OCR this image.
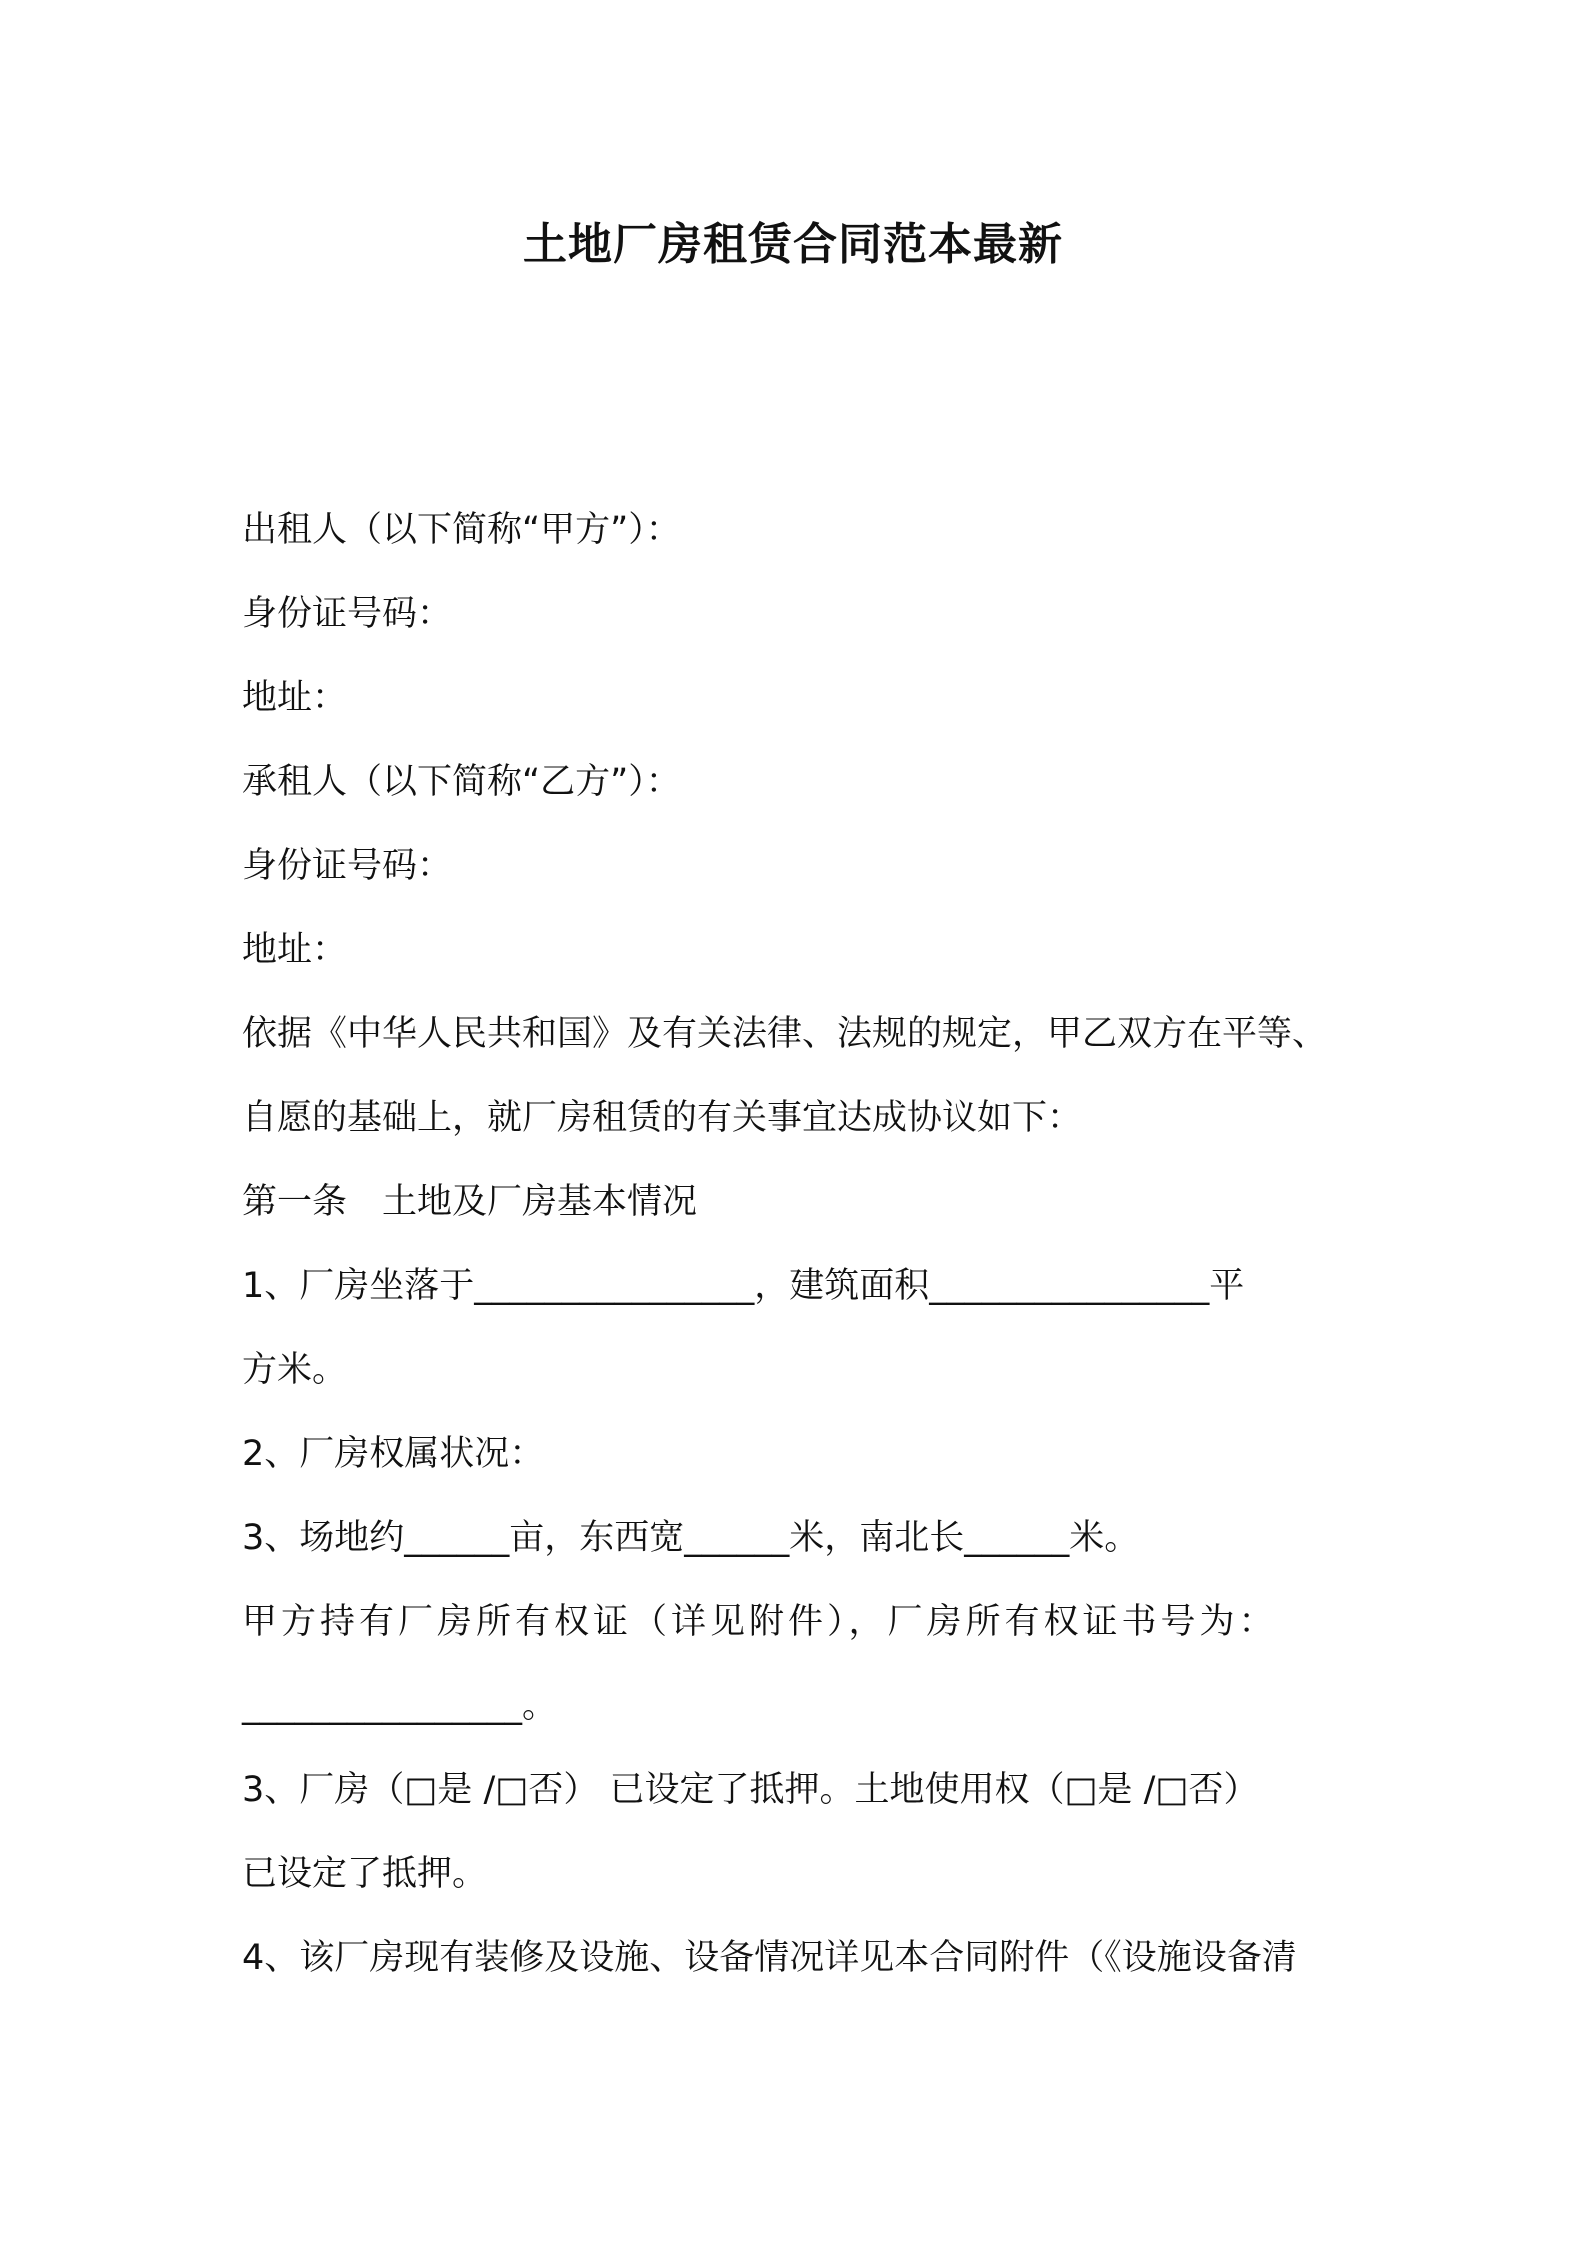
土地厂房租赁合同范本最新

出租人（以下简称“甲方”）：

身份证号码：

地址：

承租人（以下简称“乙方”）：

身份证号码：

地址：

依据《中华人民共和国》及有关法律、法规的规定，甲乙双方在平等、

自愿的基础上，就厂房租赁的有关事宜达成协议如下：

第一条　土地及厂房基本情况

1、厂房坐落于________________，建筑面积________________平

方米。

2、厂房权属状况：

3、场地约______亩，东西宽______米，南北长______米。

甲方持有厂房所有权证（详见附件），厂房所有权证书号为：

________________。

3、厂房（□是 /□否） 已设定了抵押。土地使用权（□是 /□否）

已设定了抵押。

4、该厂房现有装修及设施、设备情况详见本合同附件（《设施设备清
